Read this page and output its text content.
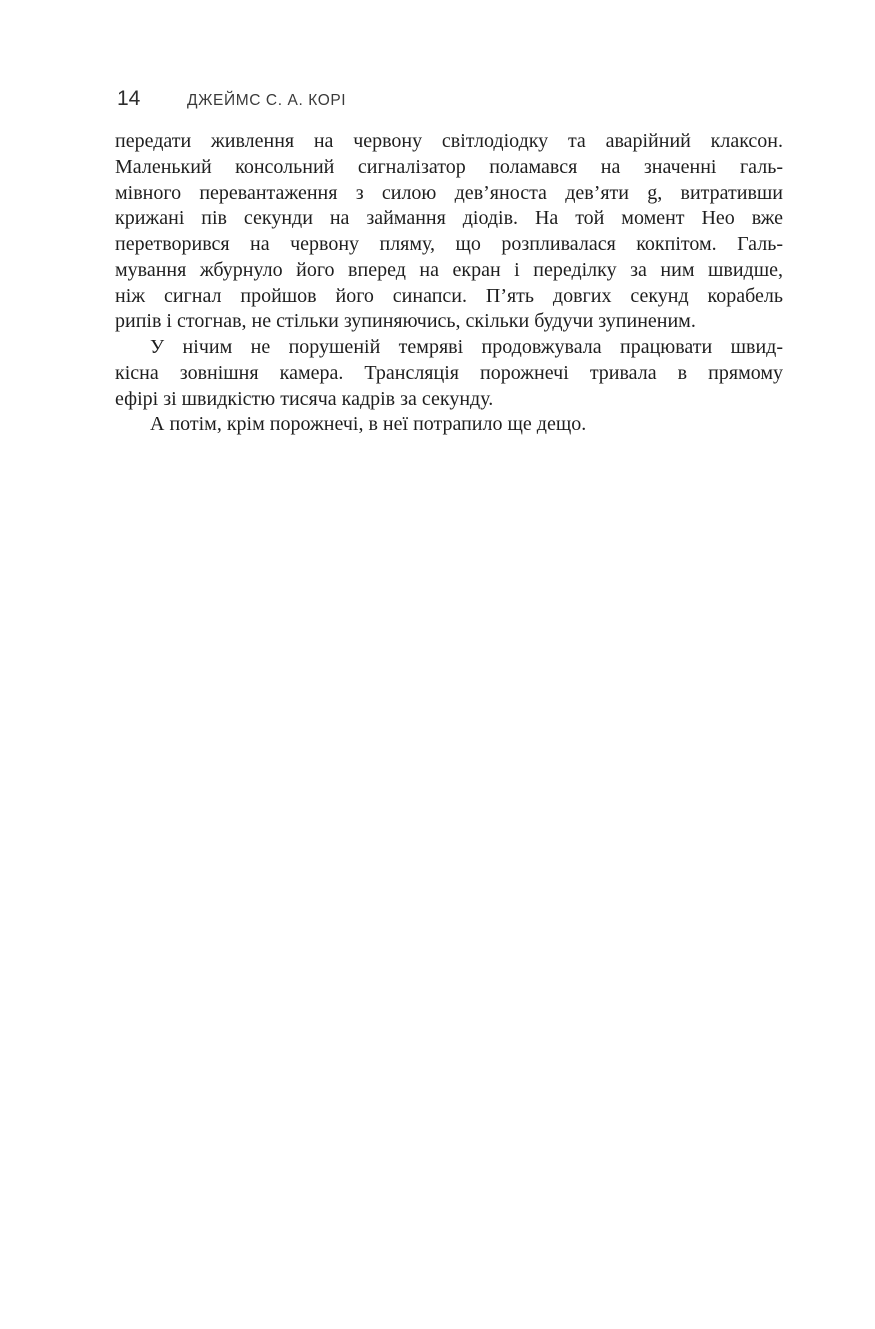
14	ДЖЕЙМС С. А. КОРІ
передати живлення на червону світлодіодку та аварійний клаксон.
Маленький консольний сигналізатор поламався на значенні галь-
мівного перевантаження з силою дев’яноста дев’яти g, витративши
крижані пів секунди на займання діодів. На той момент Нео вже
перетворився на червону пляму, що розпливалася кокпітом. Галь-
мування жбурнуло його вперед на екран і переділку за ним швидше,
ніж сигнал пройшов його синапси. П’ять довгих секунд корабель
рипів і стогнав, не стільки зупиняючись, скільки будучи зупиненим.
У нічим не порушеній темряві продовжувала працювати швид-
кісна зовнішня камера. Трансляція порожнечі тривала в прямому
ефірі зі швидкістю тисяча кадрів за секунду.
А потім, крім порожнечі, в неї потрапило ще дещо.
